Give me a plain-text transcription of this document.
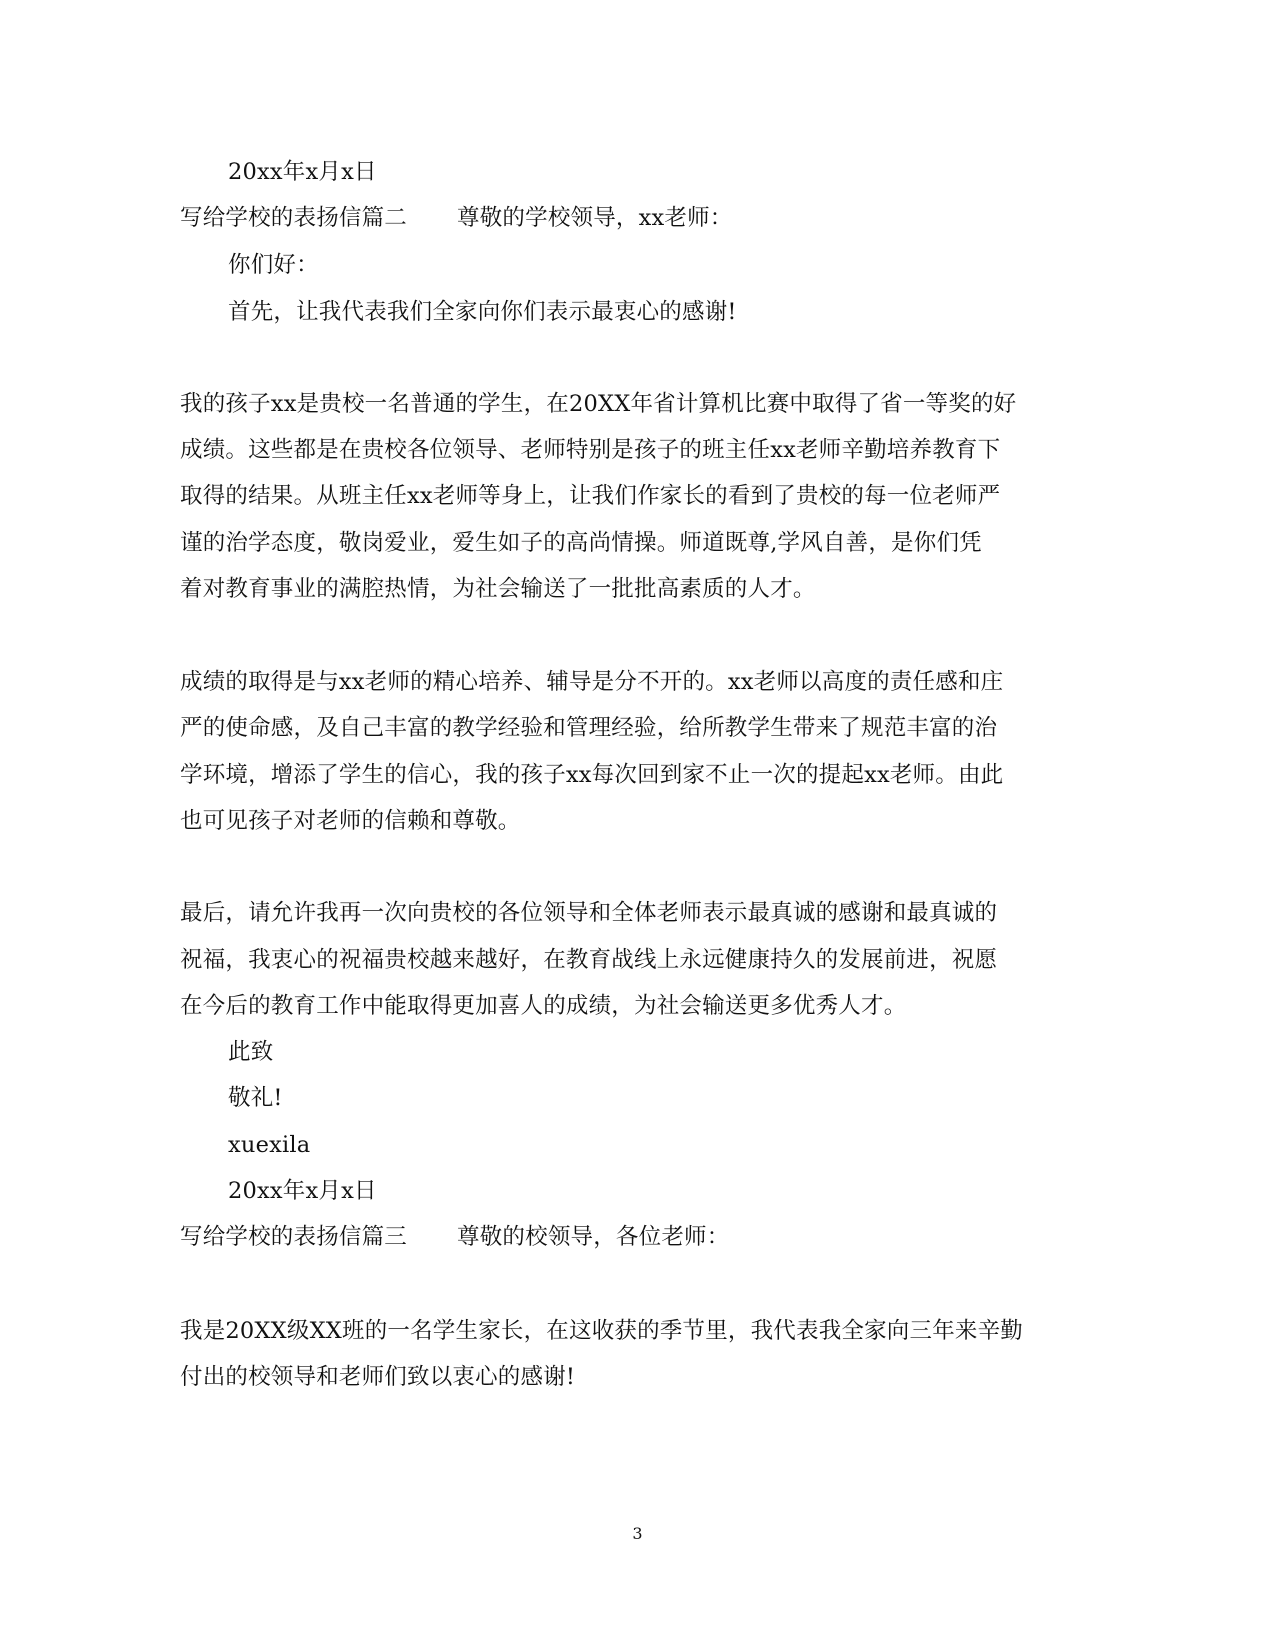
20xx年x月x日
写给学校的表扬信篇二 尊敬的学校领导，xx老师：
你们好：
首先，让我代表我们全家向你们表示最衷心的感谢!
我的孩子xx是贵校一名普通的学生，在20XX年省计算机比赛中取得了省一等奖的好
成绩。这些都是在贵校各位领导、老师特别是孩子的班主任xx老师辛勤培养教育下
取得的结果。从班主任xx老师等身上，让我们作家长的看到了贵校的每一位老师严
谨的治学态度，敬岗爱业，爱生如子的高尚情操。师道既尊,学风自善，是你们凭
着对教育事业的满腔热情，为社会输送了一批批高素质的人才。
成绩的取得是与xx老师的精心培养、辅导是分不开的。xx老师以高度的责任感和庄
严的使命感，及自己丰富的教学经验和管理经验，给所教学生带来了规范丰富的治
学环境，增添了学生的信心，我的孩子xx每次回到家不止一次的提起xx老师。由此
也可见孩子对老师的信赖和尊敬。
最后，请允许我再一次向贵校的各位领导和全体老师表示最真诚的感谢和最真诚的
祝福，我衷心的祝福贵校越来越好，在教育战线上永远健康持久的发展前进，祝愿
在今后的教育工作中能取得更加喜人的成绩，为社会输送更多优秀人才。
此致
敬礼!
xuexila
20xx年x月x日
写给学校的表扬信篇三 尊敬的校领导，各位老师：
我是20XX级XX班的一名学生家长，在这收获的季节里，我代表我全家向三年来辛勤
付出的校领导和老师们致以衷心的感谢!
3
